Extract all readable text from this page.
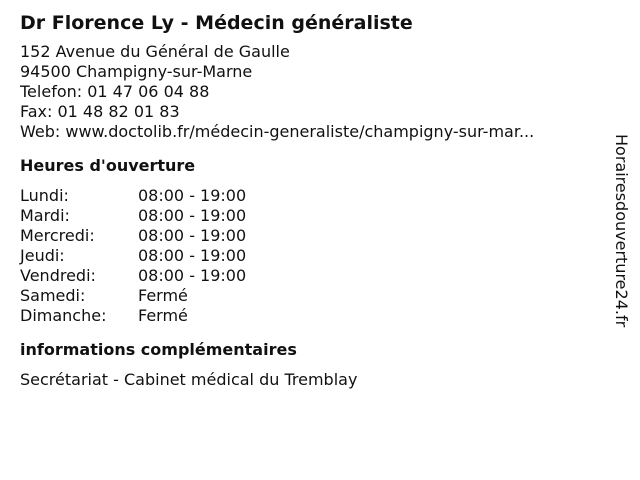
Dr Florence Ly - Médecin généraliste
152 Avenue du Général de Gaulle
94500 Champigny-sur-Marne
Telefon: 01 47 06 04 88
Fax: 01 48 82 01 83
Web: www.doctolib.fr/médecin-generaliste/champigny-sur-mar...
Heures d'ouverture
Lundi:	08:00 - 19:00
Mardi:	08:00 - 19:00
Mercredi:	08:00 - 19:00
Jeudi:	08:00 - 19:00
Vendredi:	08:00 - 19:00
Samedi:	Fermé
Dimanche:	Fermé
informations complémentaires
Secrétariat - Cabinet médical du Tremblay
Horairesdouverture24.fr
